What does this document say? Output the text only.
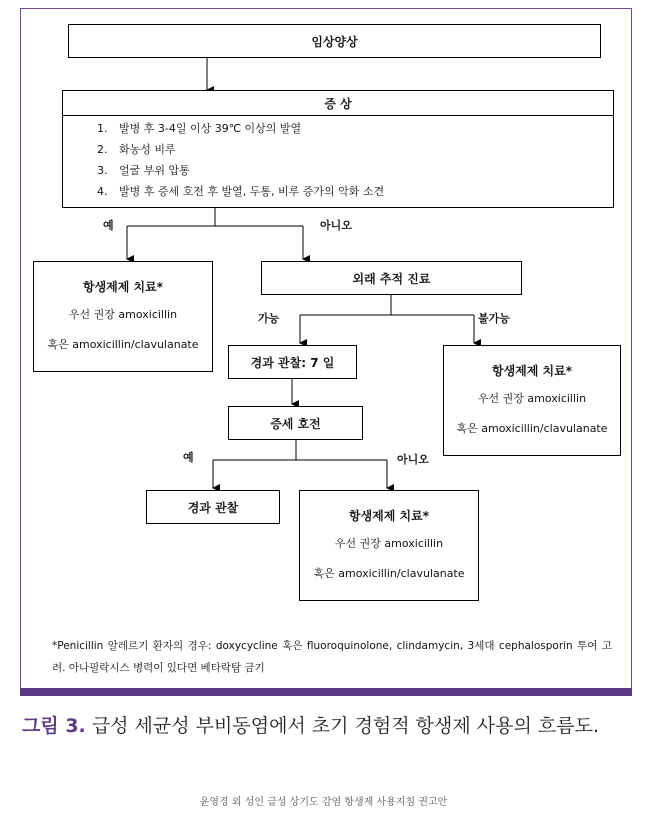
임상양상
증 상
1.	발병 후 3-4일 이상 39℃ 이상의 발열
2.	화농성 비루
3.	얼굴 부위 압통
4.	발병 후 증세 호전 후 발열, 두통, 비루 증가의 악화 소견
예	아니오
항생제제 치료*
우선 권장 amoxicillin
혹은 amoxicillin/clavulanate
외래 추적 진료
가능	불가능
경과 관찰: 7 일
항생제제 치료*
우선 권장 amoxicillin
혹은 amoxicillin/clavulanate
증세 호전
예	아니오
경과 관찰
항생제제 치료*
우선 권장 amoxicillin
혹은 amoxicillin/clavulanate
*Penicillin 알레르기 환자의 경우: doxycycline 혹은 fluoroquinolone, clindamycin, 3세대 cephalosporin 투여 고려. 아나필락시스 병력이 있다면 베타락탐 금기
그림 3. 급성 세균성 부비동염에서 초기 경험적 항생제 사용의 흐름도.
윤영경 외 성인 급성 상기도 감염 항생제 사용지침 권고안
